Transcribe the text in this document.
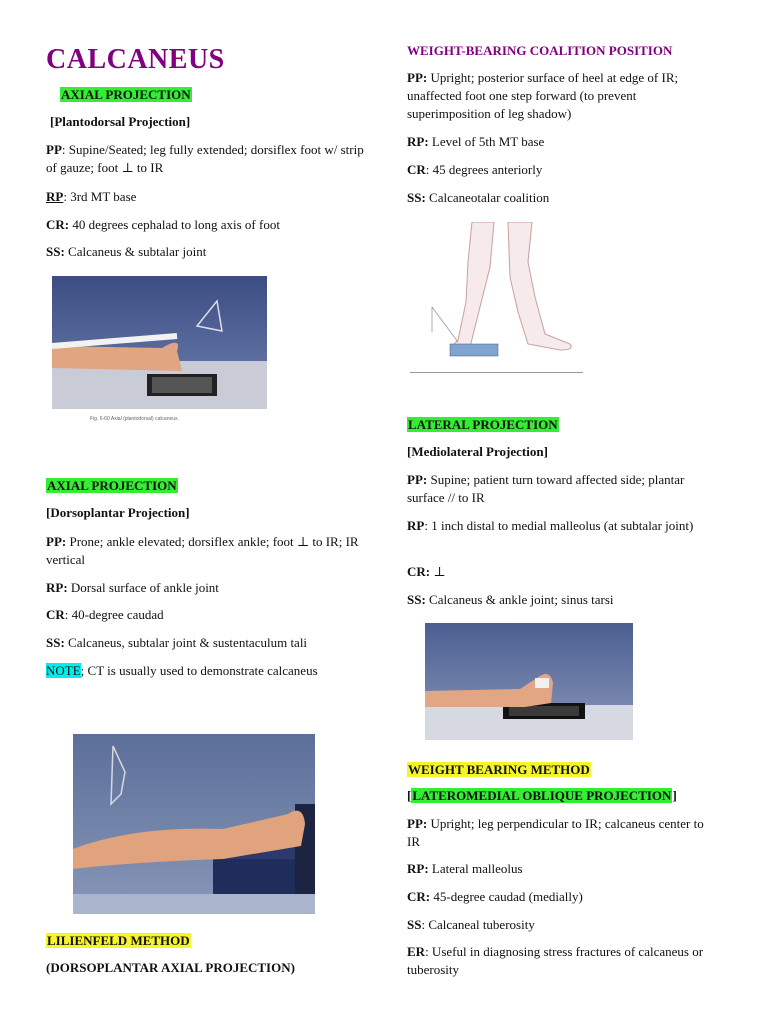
CALCANEUS
AXIAL PROJECTION
[Plantodorsal Projection]
PP: Supine/Seated; leg fully extended; dorsiflex foot w/ strip of gauze; foot ⊥ to IR
RP: 3rd MT base
CR: 40 degrees cephalad to long axis of foot
SS: Calcaneus & subtalar joint
Fig. 6-60 Axial (plantodorsal) calcaneus.
AXIAL PROJECTION
[Dorsoplantar Projection]
PP: Prone; ankle elevated; dorsiflex ankle; foot ⊥ to IR; IR vertical
RP: Dorsal surface of ankle joint
CR: 40-degree caudad
SS: Calcaneus, subtalar joint & sustentaculum tali
NOTE; CT is usually used to demonstrate calcaneus
LILIENFELD METHOD
(DORSOPLANTAR AXIAL PROJECTION)
WEIGHT-BEARING COALITION POSITION
PP: Upright; posterior surface of heel at edge of IR; unaffected foot one step forward (to prevent superimposition of leg shadow)
RP: Level of 5th MT base
CR: 45 degrees anteriorly
SS: Calcaneotalar coalition
LATERAL PROJECTION
[Mediolateral Projection]
PP: Supine; patient turn toward affected side; plantar surface // to IR
RP: 1 inch distal to medial malleolus (at subtalar joint)
CR: ⊥
SS: Calcaneus & ankle joint; sinus tarsi
WEIGHT BEARING METHOD
[LATEROMEDIAL OBLIQUE PROJECTION]
PP: Upright; leg perpendicular to IR; calcaneus center to IR
RP: Lateral malleolus
CR: 45-degree caudad (medially)
SS: Calcaneal tuberosity
ER: Useful in diagnosing stress fractures of calcaneus or tuberosity
